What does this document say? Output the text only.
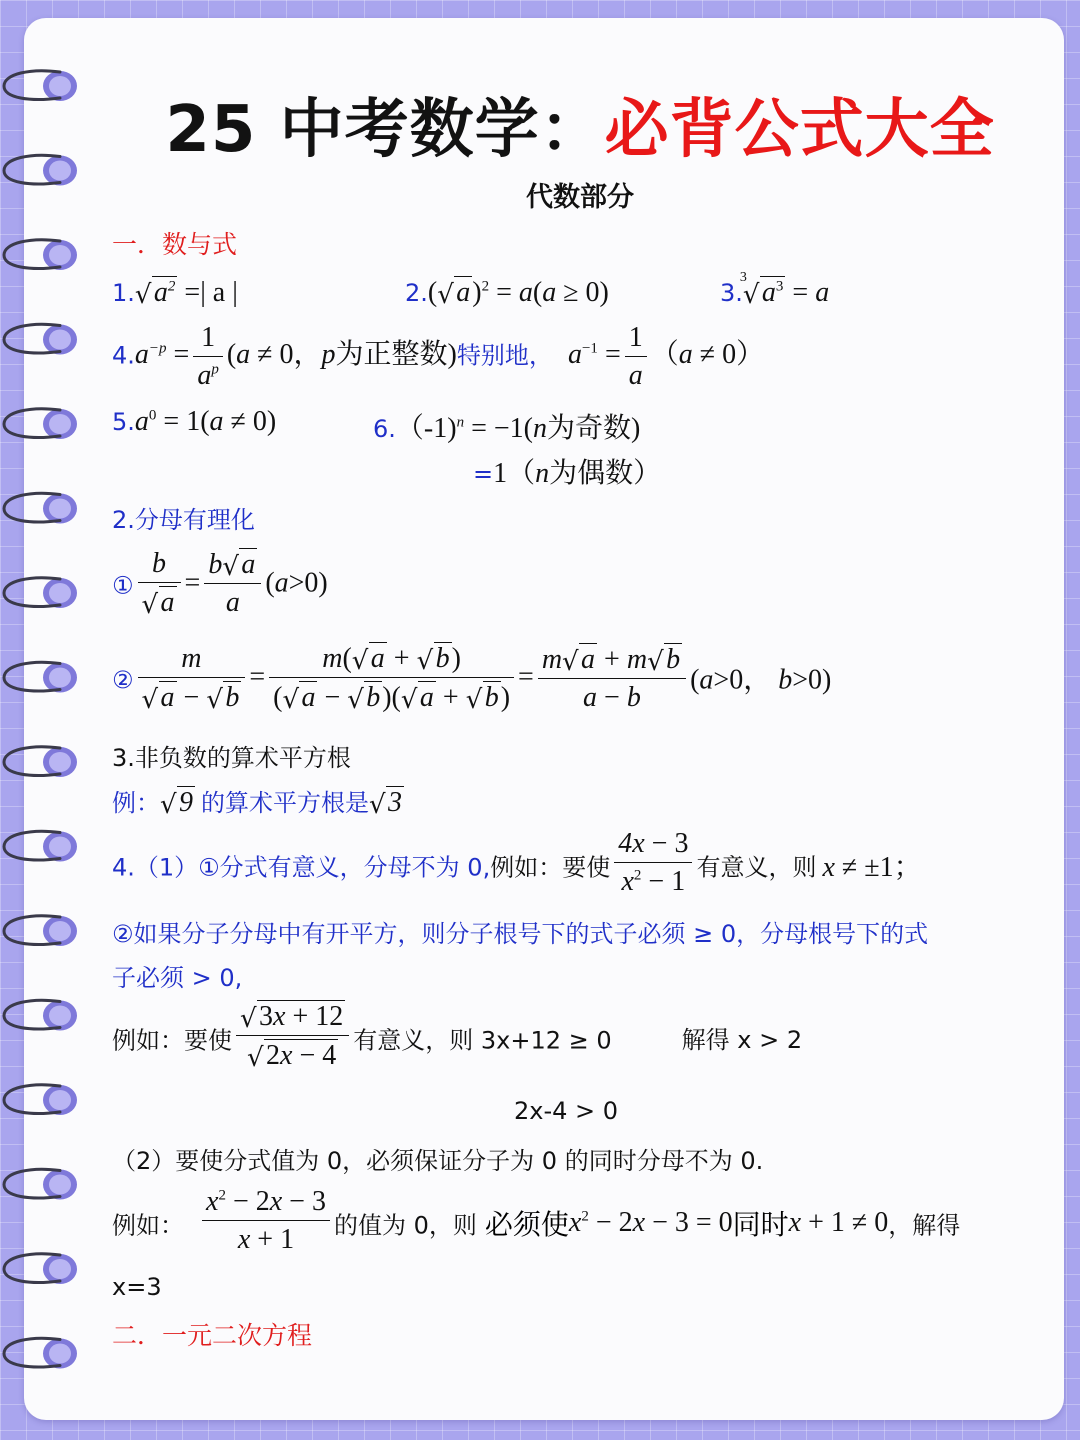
25 中考数学：必背公式大全
代数部分
一．数与式
1. √ $a^2$ =| a |	2.( √ a)$^2$ = a(a ≥ 0)	3.
3
√ $a^3 = a$
$4.a^{-p} = \frac{1}{a^p} (a \ne 0$，p为正整数)特别地， $a^{-1} = \frac{1}{a} (a \ne 0)$
$5.a^0 = 1(a \ne 0)$	6.（-1)$^n$ = −1(n为奇数)
=1（n为偶数）
2.分母有理化
① $\frac{b}{√ a} = \frac{b √ a}{a} (a>0)$
② $\frac{m}{√ a - √ b} = \frac{m( √ a + √ b)}{( √ a - √ b)( √ a + √ b)} = \frac{m √ a + m √ b}{a - b} (a>0$， b>0)
3.非负数的算术平方根
例： √ 9 的算术平方根是 √ 3
4.（1）①分式有意义，分母不为 0,例如：要使 $\frac{4x - 3}{x^2 - 1}$ 有意义，则 x ≠ ±1；
②如果分子分母中有开平方，则分子根号下的式子必须 ≥ 0，分母根号下的式
子必须 > 0,
例如：要使 $\frac{√ 3x + 12}{√ 2x - 4}$ 有意义，则 3x+12 ≥ 0	解得 x > 2
2x-4 > 0
（2）要使分式值为 0，必须保证分子为 0 的同时分母不为 0.
例如： $\frac{x^2 - 2x - 3}{x + 1}$ 的值为 0，则 必须使$x^2 - 2x - 3 = 0$同时x + 1 ≠ 0，解得
x=3
二．一元二次方程
